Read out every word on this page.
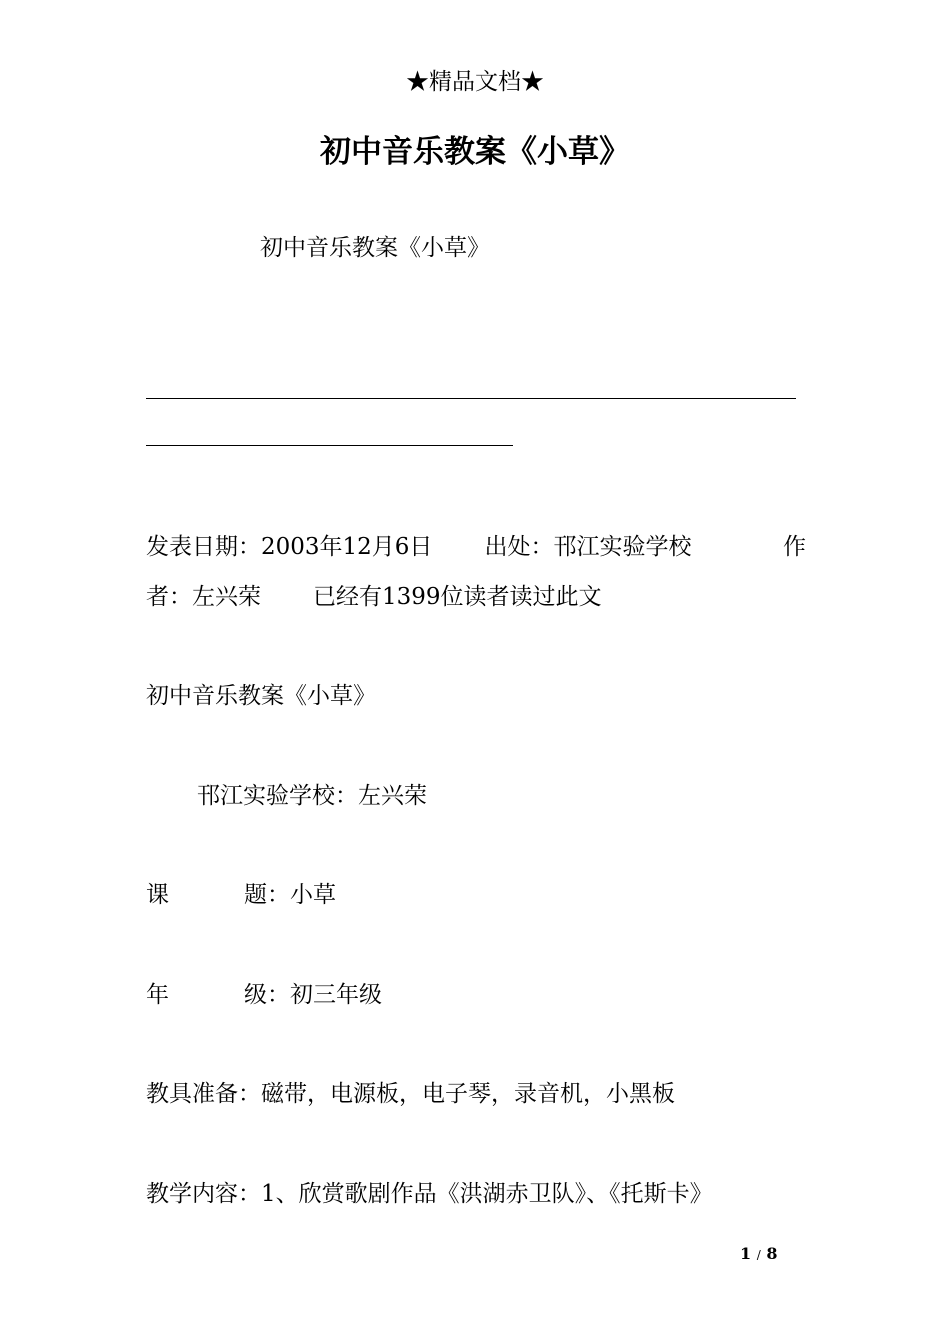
★精品文档★
初中音乐教案《小草》
初中音乐教案《小草》
发表日期：2003年12月6日 出处：邗江实验学校	作
者：左兴荣 已经有1399位读者读过此文
初中音乐教案《小草》
邗江实验学校：左兴荣
课	题：小草
年	级：初三年级
教具准备：磁带，电源板，电子琴，录音机，小黑板
教学内容：1、欣赏歌剧作品《洪湖赤卫队》、《托斯卡》
1 / 8
